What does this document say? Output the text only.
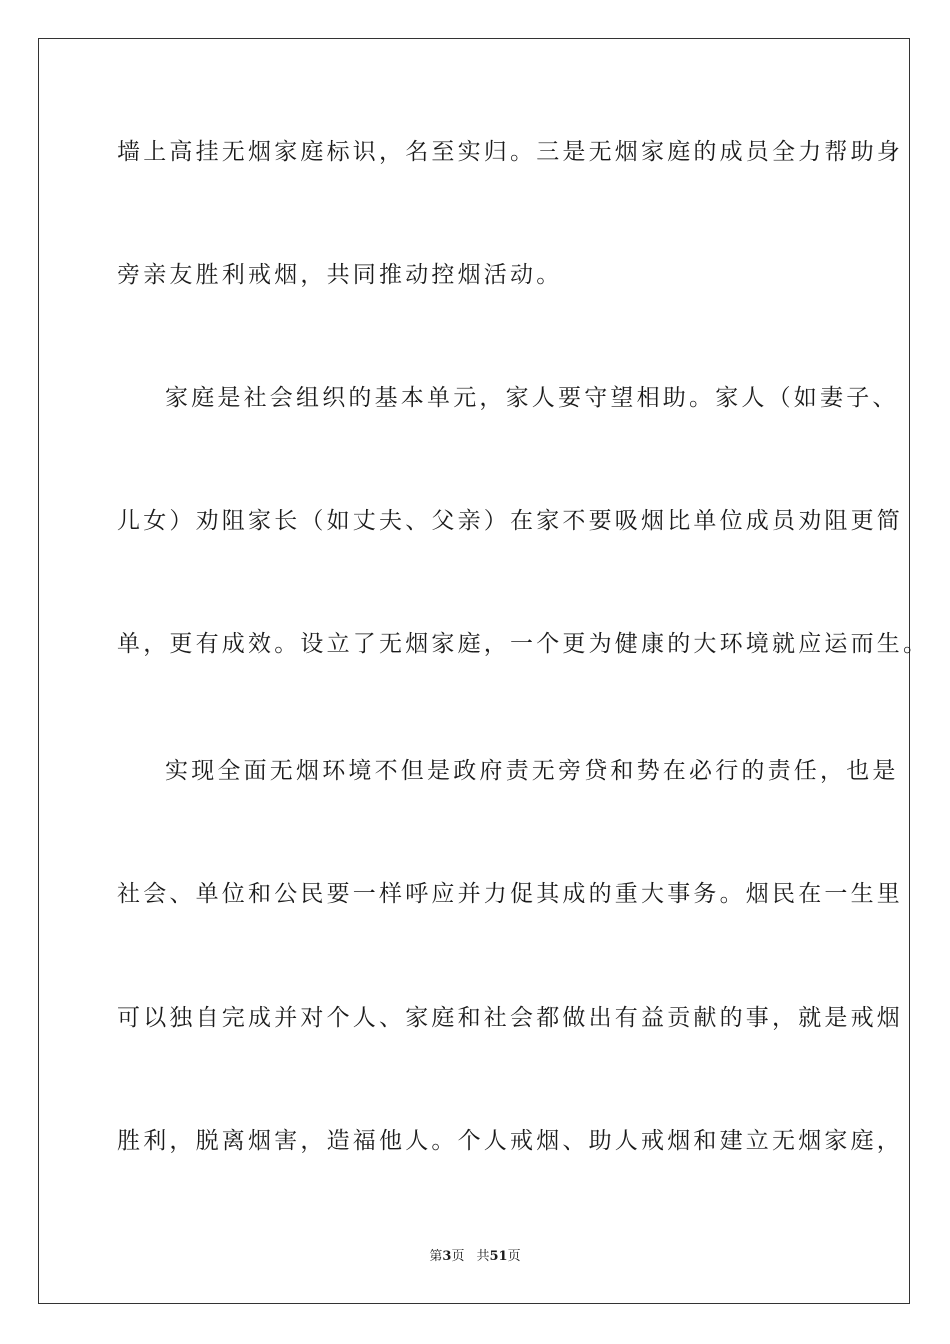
墙上高挂无烟家庭标识，名至实归。三是无烟家庭的成员全力帮助身

旁亲友胜利戒烟，共同推动控烟活动。

家庭是社会组织的基本单元，家人要守望相助。家人（如妻子、

儿女）劝阻家长（如丈夫、父亲）在家不要吸烟比单位成员劝阻更简

单，更有成效。设立了无烟家庭，一个更为健康的大环境就应运而生。

实现全面无烟环境不但是政府责无旁贷和势在必行的责任，也是

社会、单位和公民要一样呼应并力促其成的重大事务。烟民在一生里

可以独自完成并对个人、家庭和社会都做出有益贡献的事，就是戒烟

胜利，脱离烟害，造福他人。个人戒烟、助人戒烟和建立无烟家庭，

第3页 共51页
